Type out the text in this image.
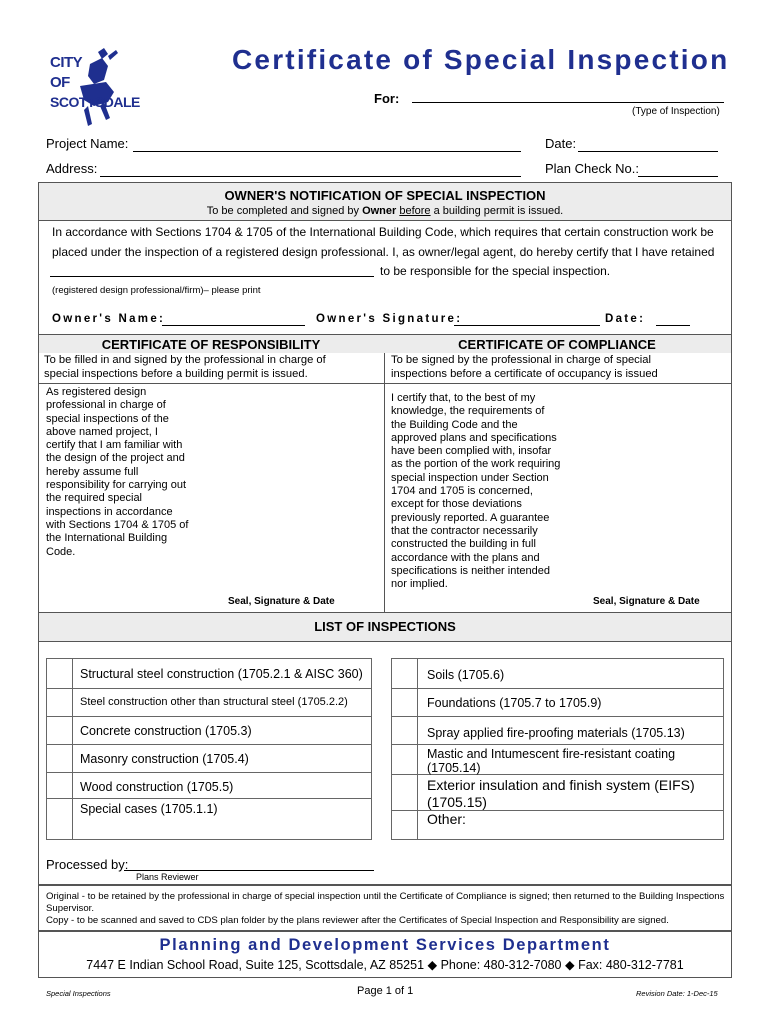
CITY
OF
SCOTTSDALE
Certificate of Special Inspection
For:
(Type of Inspection)
Project Name:	Date:
Address:	Plan Check No.:
OWNER'S NOTIFICATION OF SPECIAL INSPECTION
To be completed and signed by Owner before a building permit is issued.
In accordance with Sections 1704 & 1705 of the International Building Code, which requires that certain construction work be
placed under the inspection of a registered design professional. I, as owner/legal agent, do hereby certify that I have retained
to be responsible for the special inspection.
(registered design professional/firm)– please print
Owner's Name:	Owner's Signature:	Date:
CERTIFICATE OF RESPONSIBILITY
To be filled in and signed by the professional in charge of
special inspections before a building permit is issued.
As registered design
professional in charge of
special inspections of the
above named project, I
certify that I am familiar with
the design of the project and
hereby assume full
responsibility for carrying out
the required special
inspections in accordance
with Sections 1704 & 1705 of
the International Building
Code.
Seal, Signature & Date
CERTIFICATE OF COMPLIANCE
To be signed by the professional in charge of special
inspections before a certificate of occupancy is issued
I certify that, to the best of my
knowledge, the requirements of
the Building Code and the
approved plans and specifications
have been complied with, insofar
as the portion of the work requiring
special inspection under Section
1704 and 1705 is concerned,
except for those deviations
previously reported. A guarantee
that the contractor necessarily
constructed the building in full
accordance with the plans and
specifications is neither intended
nor implied.
Seal, Signature & Date
LIST OF INSPECTIONS
Structural steel construction (1705.2.1 & AISC 360)
Steel construction other than structural steel (1705.2.2)
Concrete construction (1705.3)
Masonry construction (1705.4)
Wood construction (1705.5)
Special cases (1705.1.1)
Soils (1705.6)
Foundations (1705.7 to 1705.9)
Spray applied fire-proofing materials (1705.13)
Mastic and Intumescent fire-resistant coating
(1705.14)
Exterior insulation and finish system (EIFS)
(1705.15)
Other:
Processed by:
Plans Reviewer
Original - to be retained by the professional in charge of special inspection until the Certificate of Compliance is signed; then returned to the Building Inspections
Supervisor.
Copy - to be scanned and saved to CDS plan folder by the plans reviewer after the Certificates of Special Inspection and Responsibility are signed.
Planning and Development Services Department
7447 E Indian School Road, Suite 125, Scottsdale, AZ 85251 ◆ Phone: 480-312-7080 ◆ Fax: 480-312-7781
Special Inspections	Page 1 of 1	Revision Date: 1-Dec-15
